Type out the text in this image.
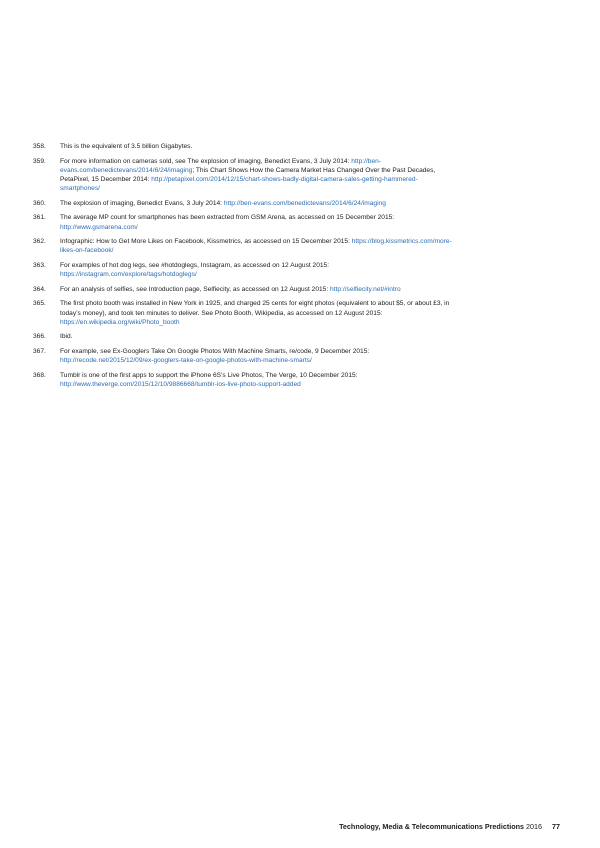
358. This is the equivalent of 3.5 billion Gigabytes.
359. For more information on cameras sold, see The explosion of imaging, Benedict Evans, 3 July 2014: http://ben-evans.com/benedictevans/2014/6/24/imaging; This Chart Shows How the Camera Market Has Changed Over the Past Decades, PetaPixel, 15 December 2014: http://petapixel.com/2014/12/15/chart-shows-badly-digital-camera-sales-getting-hammered-smartphones/
360. The explosion of imaging, Benedict Evans, 3 July 2014: http://ben-evans.com/benedictevans/2014/6/24/imaging
361. The average MP count for smartphones has been extracted from GSM Arena, as accessed on 15 December 2015: http://www.gsmarena.com/
362. Infographic: How to Get More Likes on Facebook, Kissmetrics, as accessed on 15 December 2015: https://blog.kissmetrics.com/more-likes-on-facebook/
363. For examples of hot dog legs, see #hotdoglegs, Instagram, as accessed on 12 August 2015: https://instagram.com/explore/tags/hotdoglegs/
364. For an analysis of selfies, see Introduction page, Selfiecity, as accessed on 12 August 2015: http://selfiecity.net/#intro
365. The first photo booth was installed in New York in 1925, and charged 25 cents for eight photos (equivalent to about $5, or about £3, in today’s money), and took ten minutes to deliver. See Photo Booth, Wikipedia, as accessed on 12 August 2015: https://en.wikipedia.org/wiki/Photo_booth
366. Ibid.
367. For example, see Ex-Googlers Take On Google Photos With Machine Smarts, re/code, 9 December 2015: http://recode.net/2015/12/09/ex-googlers-take-on-google-photos-with-machine-smarts/
368. Tumblr is one of the first apps to support the iPhone 6S’s Live Photos, The Verge, 10 December 2015: http://www.theverge.com/2015/12/10/9886668/tumblr-ios-live-photo-support-added
Technology, Media & Telecommunications Predictions 2016 77
